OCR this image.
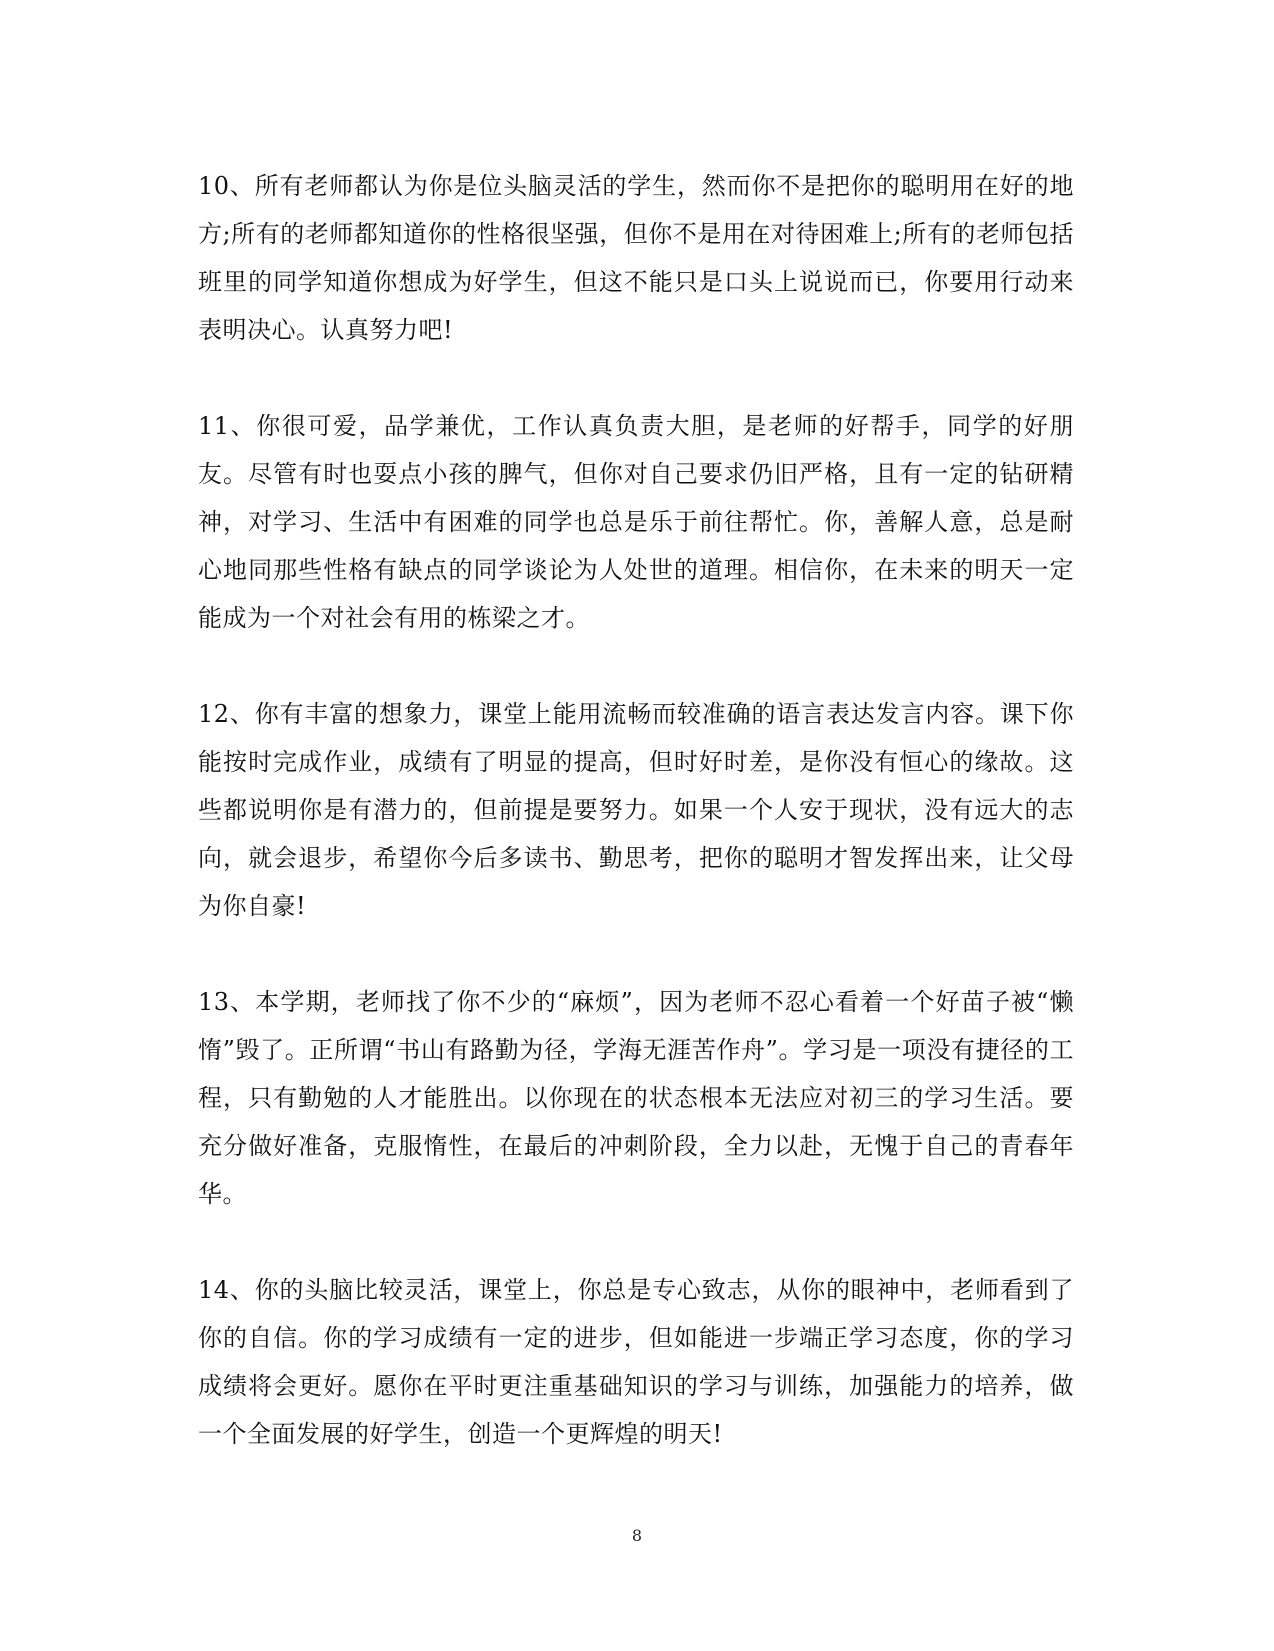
10、所有老师都认为你是位头脑灵活的学生，然而你不是把你的聪明用在好的地方;所有的老师都知道你的性格很坚强，但你不是用在对待困难上;所有的老师包括班里的同学知道你想成为好学生，但这不能只是口头上说说而已，你要用行动来表明决心。认真努力吧!

11、你很可爱，品学兼优，工作认真负责大胆，是老师的好帮手，同学的好朋友。尽管有时也耍点小孩的脾气，但你对自己要求仍旧严格，且有一定的钻研精神，对学习、生活中有困难的同学也总是乐于前往帮忙。你，善解人意，总是耐心地同那些性格有缺点的同学谈论为人处世的道理。相信你，在未来的明天一定能成为一个对社会有用的栋梁之才。

12、你有丰富的想象力，课堂上能用流畅而较准确的语言表达发言内容。课下你能按时完成作业，成绩有了明显的提高，但时好时差，是你没有恒心的缘故。这些都说明你是有潜力的，但前提是要努力。如果一个人安于现状，没有远大的志向，就会退步，希望你今后多读书、勤思考，把你的聪明才智发挥出来，让父母为你自豪!

13、本学期，老师找了你不少的“麻烦”，因为老师不忍心看着一个好苗子被“懒惰”毁了。正所谓“书山有路勤为径，学海无涯苦作舟”。学习是一项没有捷径的工程，只有勤勉的人才能胜出。以你现在的状态根本无法应对初三的学习生活。要充分做好准备，克服惰性，在最后的冲刺阶段，全力以赴，无愧于自己的青春年华。

14、你的头脑比较灵活，课堂上，你总是专心致志，从你的眼神中，老师看到了你的自信。你的学习成绩有一定的进步，但如能进一步端正学习态度，你的学习成绩将会更好。愿你在平时更注重基础知识的学习与训练，加强能力的培养，做一个全面发展的好学生，创造一个更辉煌的明天!

8
